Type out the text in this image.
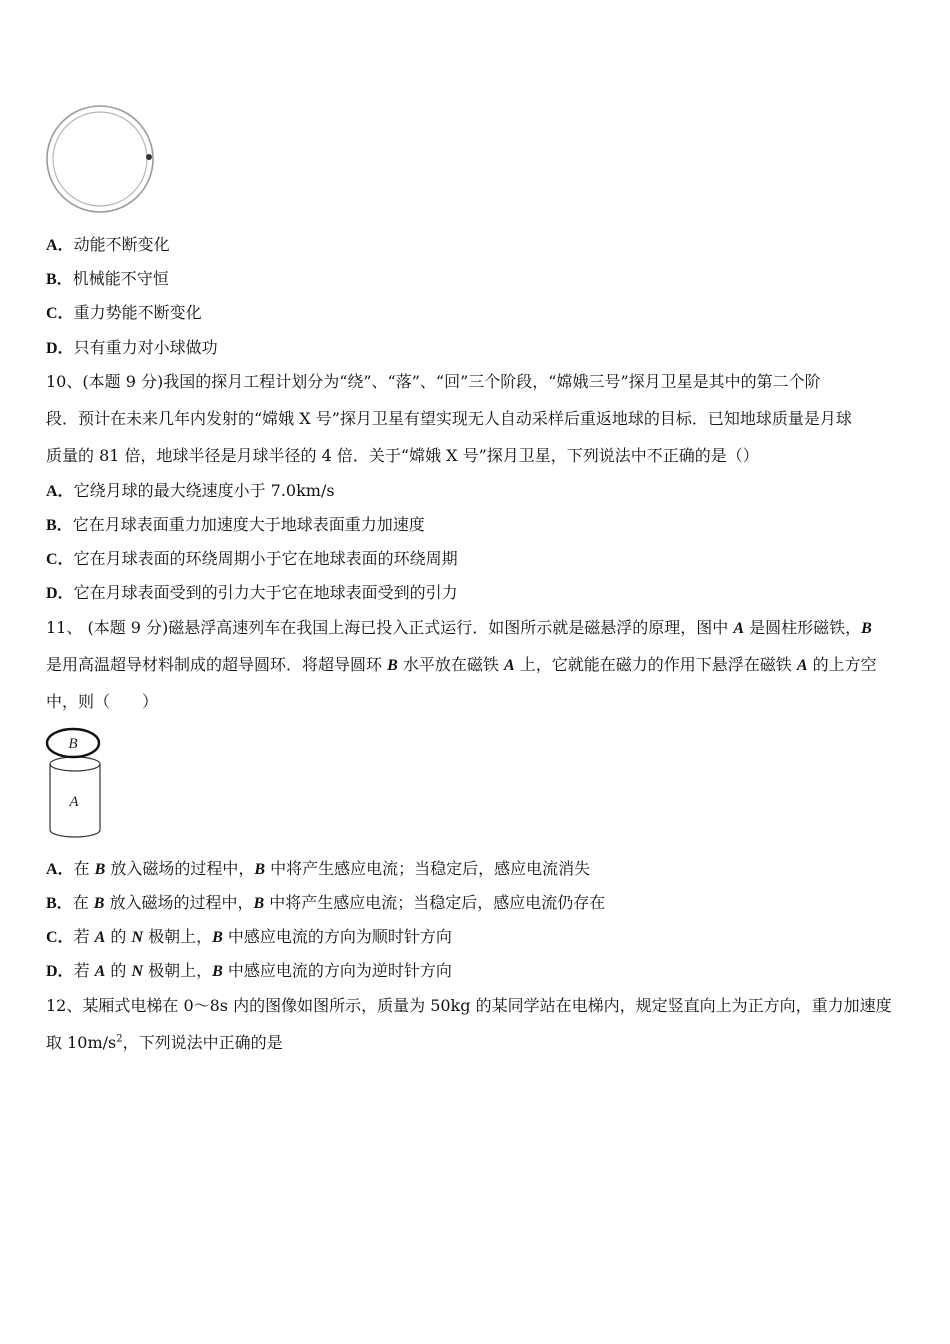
A．动能不断变化
B．机械能不守恒
C．重力势能不断变化
D．只有重力对小球做功
10、(本题 9 分)我国的探月工程计划分为“绕”、“落”、“回”三个阶段，“嫦娥三号”探月卫星是其中的第二个阶
段．预计在未来几年内发射的“嫦娥 X 号”探月卫星有望实现无人自动采样后重返地球的目标．已知地球质量是月球
质量的 81 倍，地球半径是月球半径的 4 倍．关于“嫦娥 X 号”探月卫星，下列说法中不正确的是（）
A．它绕月球的最大绕速度小于 7.0km/s
B．它在月球表面重力加速度大于地球表面重力加速度
C．它在月球表面的环绕周期小于它在地球表面的环绕周期
D．它在月球表面受到的引力大于它在地球表面受到的引力
11、 (本题 9 分)磁悬浮高速列车在我国上海已投入正式运行．如图所示就是磁悬浮的原理，图中 A 是圆柱形磁铁，B
是用高温超导材料制成的超导圆环．将超导圆环 B 水平放在磁铁 A 上，它就能在磁力的作用下悬浮在磁铁 A 的上方空
中，则（　　）
B
A
A．在 B 放入磁场的过程中，B 中将产生感应电流；当稳定后，感应电流消失
B．在 B 放入磁场的过程中，B 中将产生感应电流；当稳定后，感应电流仍存在
C．若 A 的 N 极朝上，B 中感应电流的方向为顺时针方向
D．若 A 的 N 极朝上，B 中感应电流的方向为逆时针方向
12、某厢式电梯在 0～8s 内的图像如图所示，质量为 50kg 的某同学站在电梯内，规定竖直向上为正方向，重力加速度
取 $10m/s^2$，下列说法中正确的是
